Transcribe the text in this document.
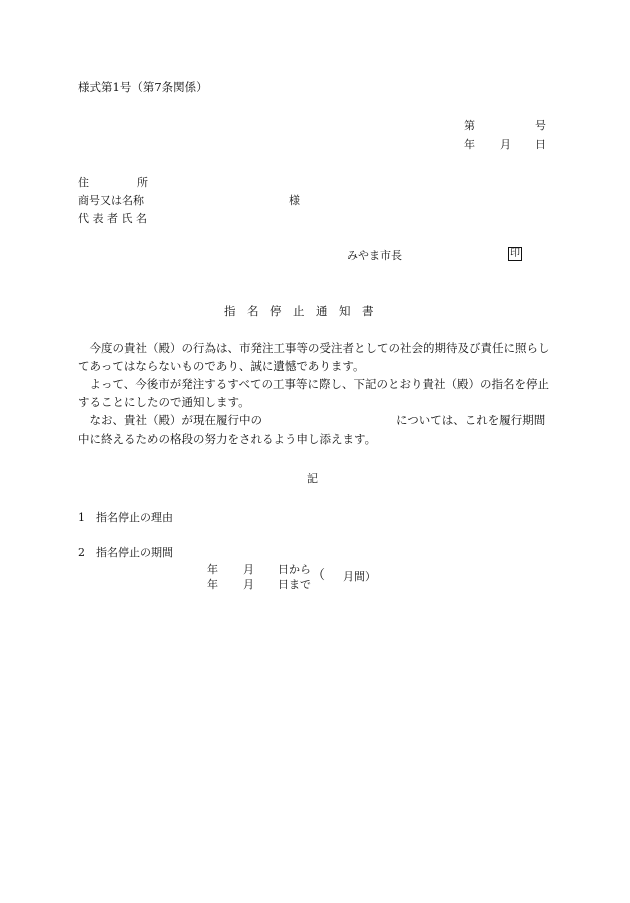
様式第1号（第7条関係）
第	号
年 月 日
住	所
商号又は名称	様
代 表 者 氏 名
みやま市長	印
指　名　停　止　通　知　書
　今度の貴社（殿）の行為は、市発注工事等の受注者としての社会的期待及び責任に照らし
てあってはならないものであり、誠に遺憾であります。
　よって、今後市が発注するすべての工事等に際し、下記のとおり貴社（殿）の指名を停止
することにしたので通知します。
　なお、貴社（殿）が現在履行中の	については、これを履行期間
中に終えるための格段の努力をされるよう申し添えます。
記
1　指名停止の理由
2　指名停止の期間
年 月 日から
年 月 日まで
（ 月間）
